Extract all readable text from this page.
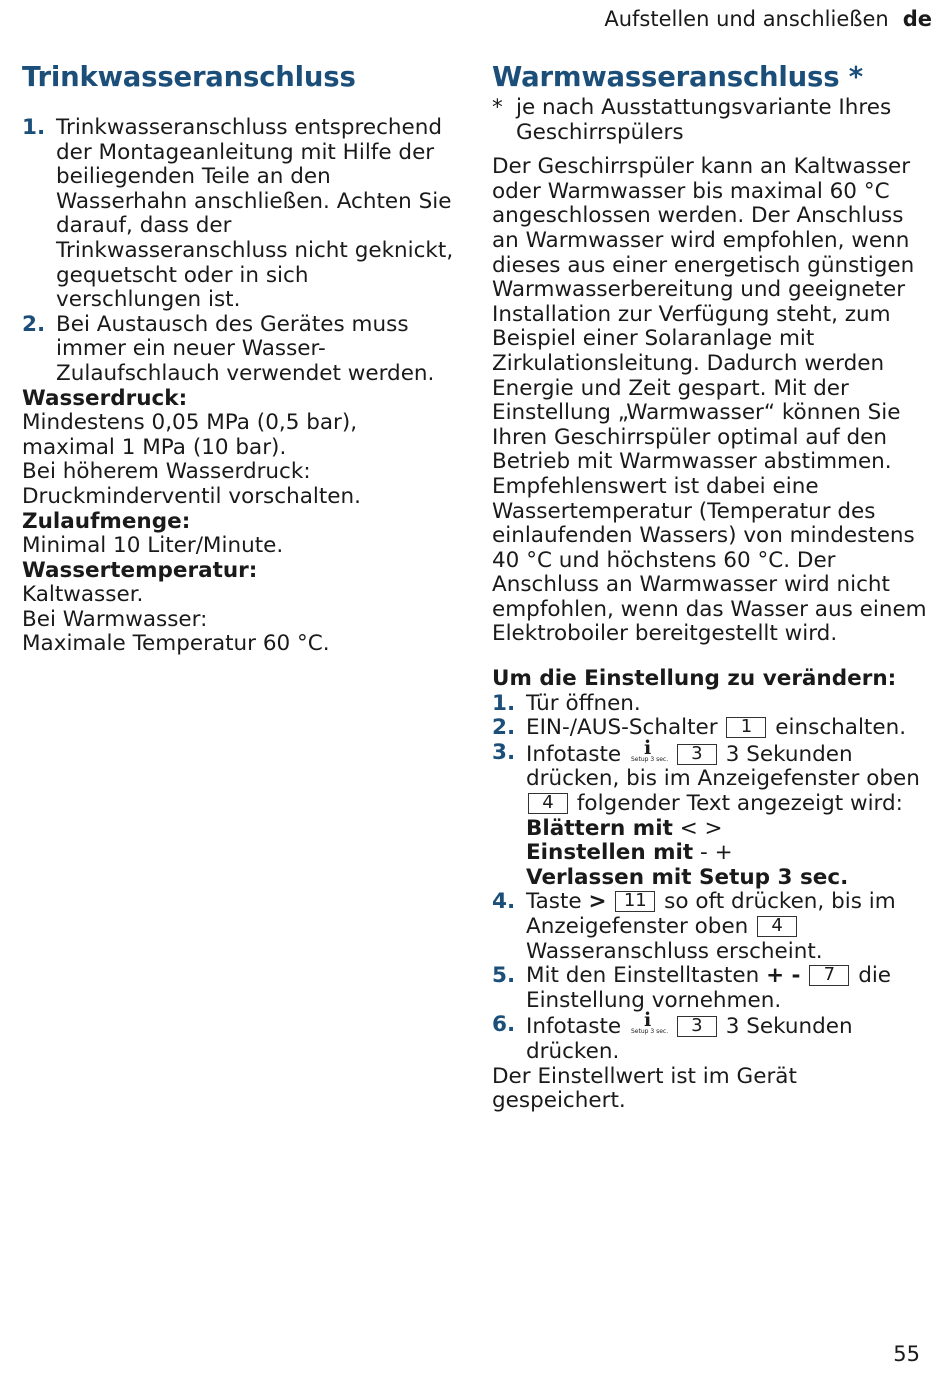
Aufstellen und anschließen de
Trinkwasseranschluss
1. Trinkwasseranschluss entsprechend der Montageanleitung mit Hilfe der beiliegenden Teile an den Wasserhahn anschließen. Achten Sie darauf, dass der Trinkwasseranschluss nicht geknickt, gequetscht oder in sich verschlungen ist.
2. Bei Austausch des Gerätes muss immer ein neuer Wasser-Zulaufschlauch verwendet werden.
Wasserdruck:
Mindestens 0,05 MPa (0,5 bar),
maximal 1 MPa (10 bar).
Bei höherem Wasserdruck:
Druckminderventil vorschalten.
Zulaufmenge:
Minimal 10 Liter/Minute.
Wassertemperatur:
Kaltwasser.
Bei Warmwasser:
Maximale Temperatur 60 °C.
Warmwasseranschluss *
* je nach Ausstattungsvariante Ihres Geschirrspülers

Der Geschirrspüler kann an Kaltwasser oder Warmwasser bis maximal 60 °C angeschlossen werden. Der Anschluss an Warmwasser wird empfohlen, wenn dieses aus einer energetisch günstigen Warmwasserbereitung und geeigneter Installation zur Verfügung steht, zum Beispiel einer Solaranlage mit Zirkulationsleitung. Dadurch werden Energie und Zeit gespart. Mit der Einstellung „Warmwasser“ können Sie Ihren Geschirrspüler optimal auf den Betrieb mit Warmwasser abstimmen. Empfehlenswert ist dabei eine Wassertemperatur (Temperatur des einlaufenden Wassers) von mindestens 40 °C und höchstens 60 °C. Der Anschluss an Warmwasser wird nicht empfohlen, wenn das Wasser aus einem Elektroboiler bereitgestellt wird.

Um die Einstellung zu verändern:
1. Tür öffnen.
2. EIN-/AUS-Schalter 1 einschalten.
3. Infotaste i
Setup 3 sec. 3 3 Sekunden drücken, bis im Anzeigefenster oben 4 folgender Text angezeigt wird:
Blättern mit < >
Einstellen mit - +
Verlassen mit Setup 3 sec.
4. Taste > 11 so oft drücken, bis im Anzeigefenster oben 4 Wasseranschluss erscheint.
5. Mit den Einstelltasten + - 7 die Einstellung vornehmen.
6. Infotaste i
Setup 3 sec. 3 3 Sekunden drücken.

Der Einstellwert ist im Gerät gespeichert.

55
